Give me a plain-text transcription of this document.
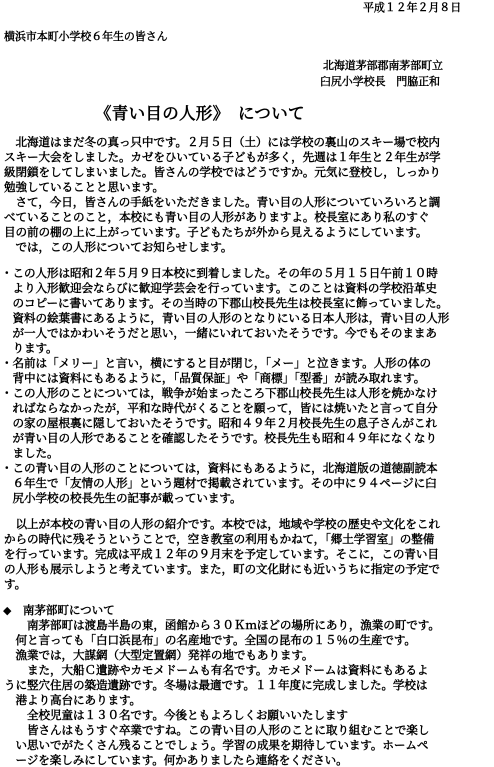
平成１２年２月８日
横浜市本町小学校６年生の皆さん
北海道茅部郡南茅部町立
臼尻小学校長　門脇正和
《青い目の人形》　について
　北海道はまだ冬の真っ只中です。２月５日（土）には学校の裏山のスキー場で校内
スキー大会をしました。カゼをひいている子どもが多く，先週は１年生と２年生が学
級閉鎖をしてしまいました。皆さんの学校ではどうですか。元気に登校し，しっかり
勉強していることと思います。
　さて，今日，皆さんの手紙をいただきました。青い目の人形についていろいろと調
べていることのこと，本校にも青い目の人形がありますよ。校長室にあり私のすぐ
目の前の棚の上に上がっています。子どもたちが外から見えるようにしています。
　では，この人形についてお知らせします。
・この人形は昭和２年５月９日本校に到着しました。その年の５月１５日午前１０時
　より入形歓迎会ならびに歓迎学芸会を行っています。このことは資料の学校沿革史
　のコピーに書いてあります。その当時の下郡山校長先生は校長室に飾っていました。
　資料の絵葉書にあるように，青い目の人形のとなりにいる日本人形は，青い目の人形
　が一人ではかわいそうだと思い，一緒にいれておいたそうです。今でもそのままあ
　ります。
・名前は「メリー」と言い，横にすると目が閉じ，「メー」と泣きます。人形の体の
　背中には資料にもあるように，「品質保証」や「商標」「型番」が読み取れます。
・この人形のことについては，戦争が始まったころ下郡山校長先生は人形を焼かなけ
　ればならなかったが，平和な時代がくることを願って，皆には焼いたと言って自分
　の家の屋根裏に隠しておいたそうです。昭和４９年２月校長先生の息子さんがこれ
　が青い目の人形であることを確認したそうです。校長先生も昭和４９年になくなり
　ました。
・この青い目の人形のことについては，資料にもあるように，北海道版の道徳副読本
　６年生で「友情の人形」という題材で掲載されています。その中に９４ページに臼
　尻小学校の校長先生の記事が載っています。
　以上が本校の青い目の人形の紹介です。本校では，地域や学校の歴史や文化をこれ
からの時代に残そうということで，空き教室の利用もかねて，「郷土学習室」の整備
を行っています。完成は平成１２年の９月末を予定しています。そこに，この青い目
の人形も展示しようと考えています。また，町の文化財にも近いうちに指定の予定で
す。
◆　 南茅部町について
　　南茅部町は渡島半島の東，函館から３０Ｋｍほどの場所にあり，漁業の町です。
　何と言っても「白口浜昆布」の名産地です。全国の昆布の１５％の生産です。
　漁業では，大謀網（大型定置網）発祥の地でもあります。
　　また，大船Ｃ遺跡やカモメドームも有名です。カモメドームは資料にもあるよ
うに竪穴住居の築造遺跡です。冬場は最適です。１１年度に完成しました。学校は
　港より高台にあります。
　　全校児童は１３０名です。今後ともよろしくお願いいたします
　　皆さんはもうすぐ卒業ですね。この青い目の人形のことに取り組むことで楽し
　い思いでがたくさん残ることでしょう。学習の成果を期待しています。ホームペ
　ージを楽しみにしています。何かありましたら連絡をください。
